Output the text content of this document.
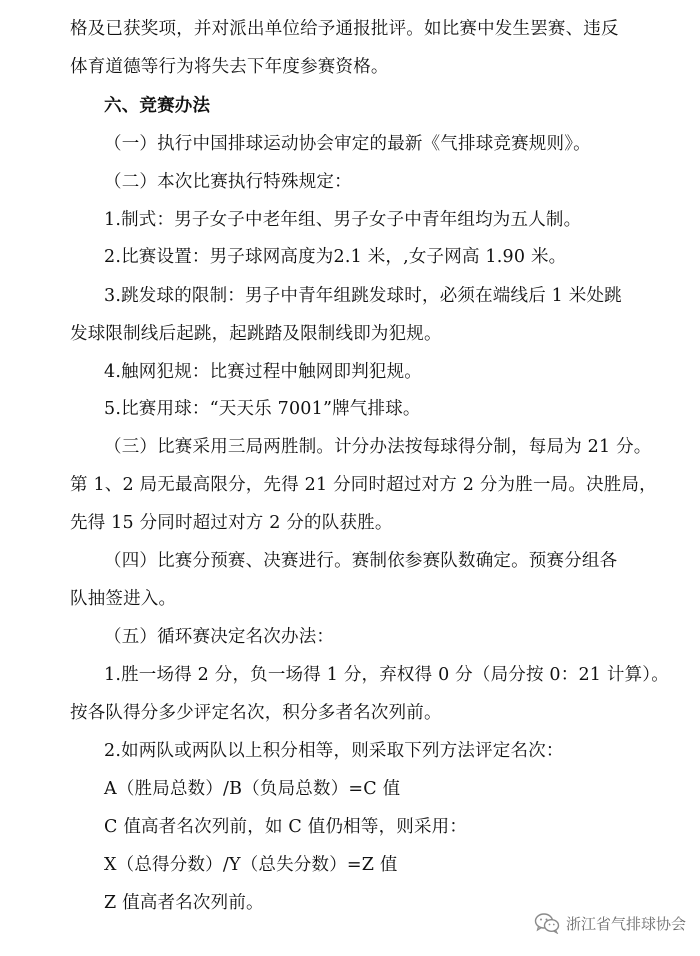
格及已获奖项，并对派出单位给予通报批评。如比赛中发生罢赛、违反
体育道德等行为将失去下年度参赛资格。
六、竞赛办法
（一）执行中国排球运动协会审定的最新《气排球竞赛规则》。
（二）本次比赛执行特殊规定：
1.制式：男子女子中老年组、男子女子中青年组均为五人制。
2.比赛设置：男子球网高度为2.1 米，,女子网高 1.90 米。
3.跳发球的限制：男子中青年组跳发球时，必须在端线后 1 米处跳
发球限制线后起跳，起跳踏及限制线即为犯规。
4.触网犯规：比赛过程中触网即判犯规。
5.比赛用球：“天天乐 7001”牌气排球。
（三）比赛采用三局两胜制。计分办法按每球得分制，每局为 21 分。
第 1、2 局无最高限分，先得 21 分同时超过对方 2 分为胜一局。决胜局，
先得 15 分同时超过对方 2 分的队获胜。
（四）比赛分预赛、决赛进行。赛制依参赛队数确定。预赛分组各
队抽签进入。
（五）循环赛决定名次办法：
1.胜一场得 2 分，负一场得 1 分，弃权得 0 分（局分按 0：21 计算）。
按各队得分多少评定名次，积分多者名次列前。
2.如两队或两队以上积分相等，则采取下列方法评定名次：
A（胜局总数）/B（负局总数）=C 值
C 值高者名次列前，如 C 值仍相等，则采用：
X（总得分数）/Y（总失分数）=Z 值
Z 值高者名次列前。
浙江省气排球协会
